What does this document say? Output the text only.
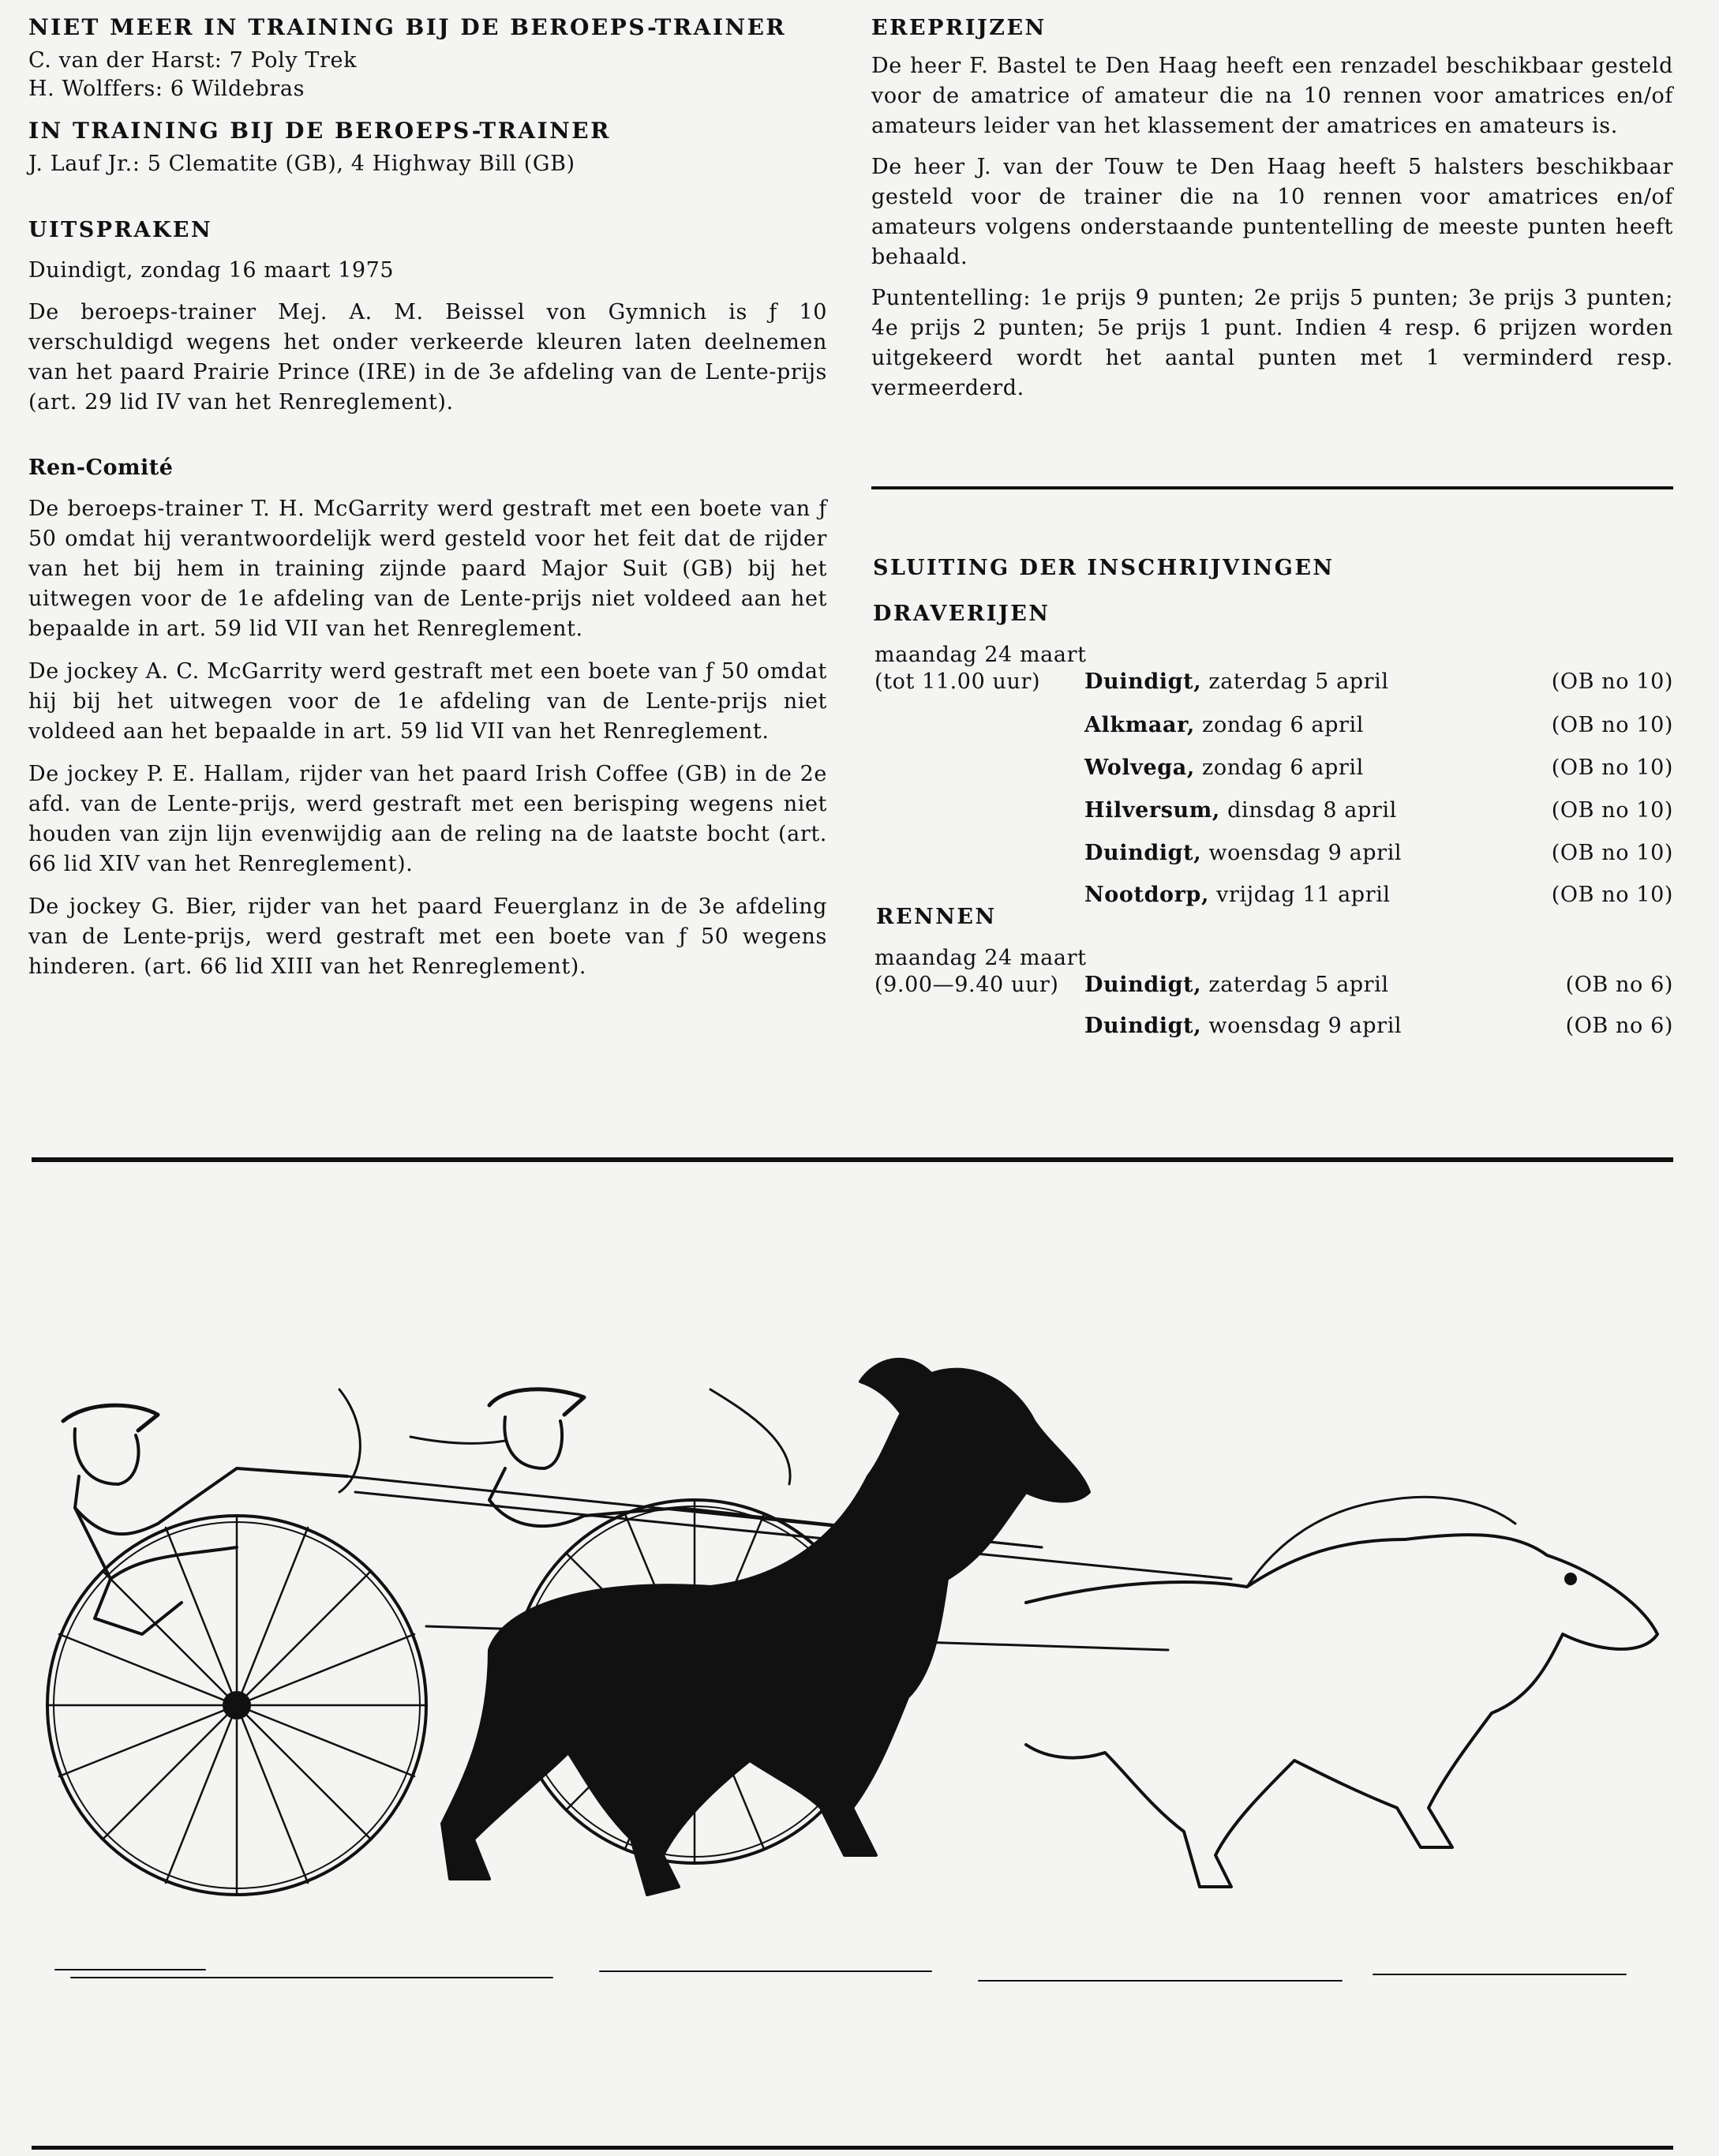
NIET MEER IN TRAINING BIJ DE BEROEPS-TRAINER
C. van der Harst: 7 Poly Trek
H. Wolffers: 6 Wildebras
IN TRAINING BIJ DE BEROEPS-TRAINER
J. Lauf Jr.: 5 Clematite (GB), 4 Highway Bill (GB)
UITSPRAKEN
Duindigt, zondag 16 maart 1975

De beroeps-trainer Mej. A. M. Beissel von Gymnich is ƒ 10 verschuldigd wegens het onder verkeerde kleuren laten deelnemen van het paard Prairie Prince (IRE) in de 3e afdeling van de Lente-prijs (art. 29 lid IV van het Renreglement).

Ren-Comité

De beroeps-trainer T. H. McGarrity werd gestraft met een boete van ƒ 50 omdat hij verantwoordelijk werd gesteld voor het feit dat de rijder van het bij hem in training zijnde paard Major Suit (GB) bij het uitwegen voor de 1e afdeling van de Lente-prijs niet voldeed aan het bepaalde in art. 59 lid VII van het Renreglement.

De jockey A. C. McGarrity werd gestraft met een boete van ƒ 50 omdat hij bij het uitwegen voor de 1e afdeling van de Lente-prijs niet voldeed aan het bepaalde in art. 59 lid VII van het Renreglement.

De jockey P. E. Hallam, rijder van het paard Irish Coffee (GB) in de 2e afd. van de Lente-prijs, werd gestraft met een berisping wegens niet houden van zijn lijn evenwijdig aan de reling na de laatste bocht (art. 66 lid XIV van het Renreglement).

De jockey G. Bier, rijder van het paard Feuerglanz in de 3e afdeling van de Lente-prijs, werd gestraft met een boete van ƒ 50 wegens hinderen. (art. 66 lid XIII van het Renreglement).

EREPRIJZEN

De heer F. Bastel te Den Haag heeft een renzadel beschikbaar gesteld voor de amatrice of amateur die na 10 rennen voor amatrices en/of amateurs leider van het klassement der amatrices en amateurs is.

De heer J. van der Touw te Den Haag heeft 5 halsters beschikbaar gesteld voor de trainer die na 10 rennen voor amatrices en/of amateurs volgens onderstaande puntentelling de meeste punten heeft behaald.

Puntentelling: 1e prijs 9 punten; 2e prijs 5 punten; 3e prijs 3 punten; 4e prijs 2 punten; 5e prijs 1 punt. Indien 4 resp. 6 prijzen worden uitgekeerd wordt het aantal punten met 1 verminderd resp. vermeerderd.

SLUITING DER INSCHRIJVINGEN
DRAVERIJEN
maandag 24 maart
(tot 11.00 uur) Duindigt, zaterdag 5 april	(OB no 10)
Alkmaar, zondag 6 april	(OB no 10)
Wolvega, zondag 6 april	(OB no 10)
Hilversum, dinsdag 8 april	(OB no 10)
Duindigt, woensdag 9 april	(OB no 10)
Nootdorp, vrijdag 11 april	(OB no 10)
RENNEN
maandag 24 maart
(9.00—9.40 uur) Duindigt, zaterdag 5 april	(OB no 6)
Duindigt, woensdag 9 april	(OB no 6)
